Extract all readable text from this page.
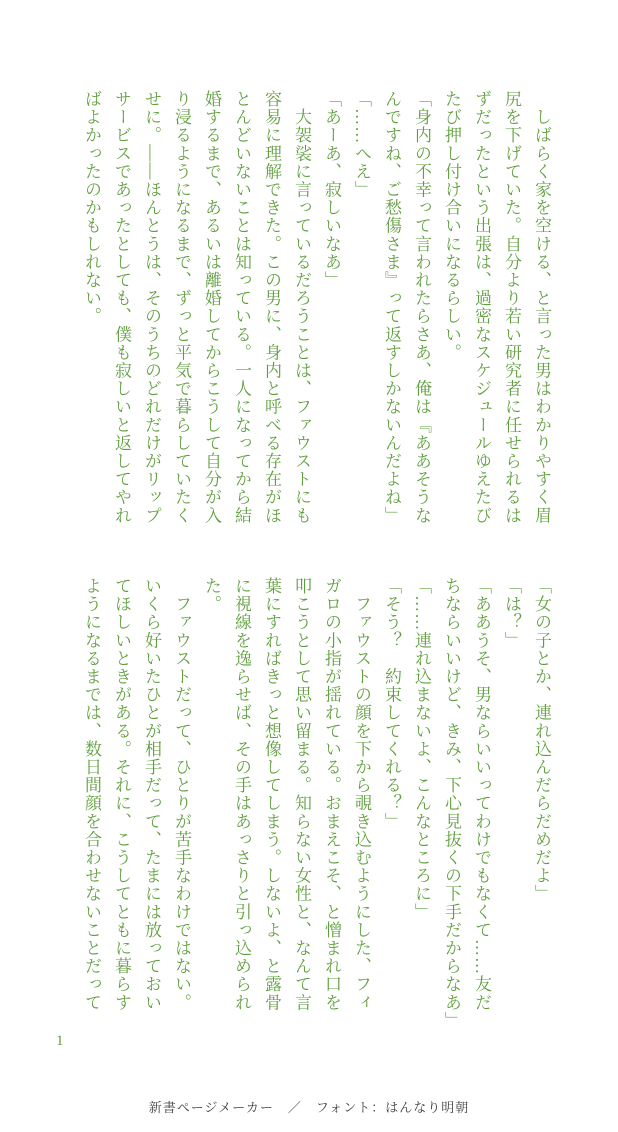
　しばらく家を空ける、と言った男はわかりやすく眉

尻を下げていた。自分より若い研究者に任せられるは

ずだったという出張は、過密なスケジュールゆえたび

たび押し付け合いになるらしい。

「身内の不幸って言われたらさあ、俺は『ああそうな

んですね、ご愁傷さま』って返すしかないんだよね」

「……へえ」

「あーあ、寂しいなあ」

　大袈裟に言っているだろうことは、ファウストにも

容易に理解できた。この男に、身内と呼べる存在がほ

とんどいないことは知っている。一人になってから結

婚するまで、あるいは離婚してからこうして自分が入

り浸るようになるまで、ずっと平気で暮らしていたく

せに。――ほんとうは、そのうちのどれだけがリップ

サービスであったとしても、僕も寂しいと返してやれ

ばよかったのかもしれない。

「女の子とか、連れ込んだらだめだよ」

「は？」

「ああうそ、男ならいいってわけでもなくて……友だ

ちならいいけど、きみ、下心見抜くの下手だからなあ」

「……連れ込まないよ、こんなところに」

「そう？　約束してくれる？」

　ファウストの顔を下から覗き込むようにした、フィ

ガロの小指が揺れている。おまえこそ、と憎まれ口を

叩こうとして思い留まる。知らない女性と、なんて言

葉にすればきっと想像してしまう。しないよ、と露骨

に視線を逸らせば、その手はあっさりと引っ込められ

た。

　ファウストだって、ひとりが苦手なわけではない。

いくら好いたひとが相手だって、たまには放っておい

てほしいときがある。それに、こうしてともに暮らす

ようになるまでは、数日間顔を合わせないことだって

1
新書ページメーカー　／　フォント：はんなり明朝
